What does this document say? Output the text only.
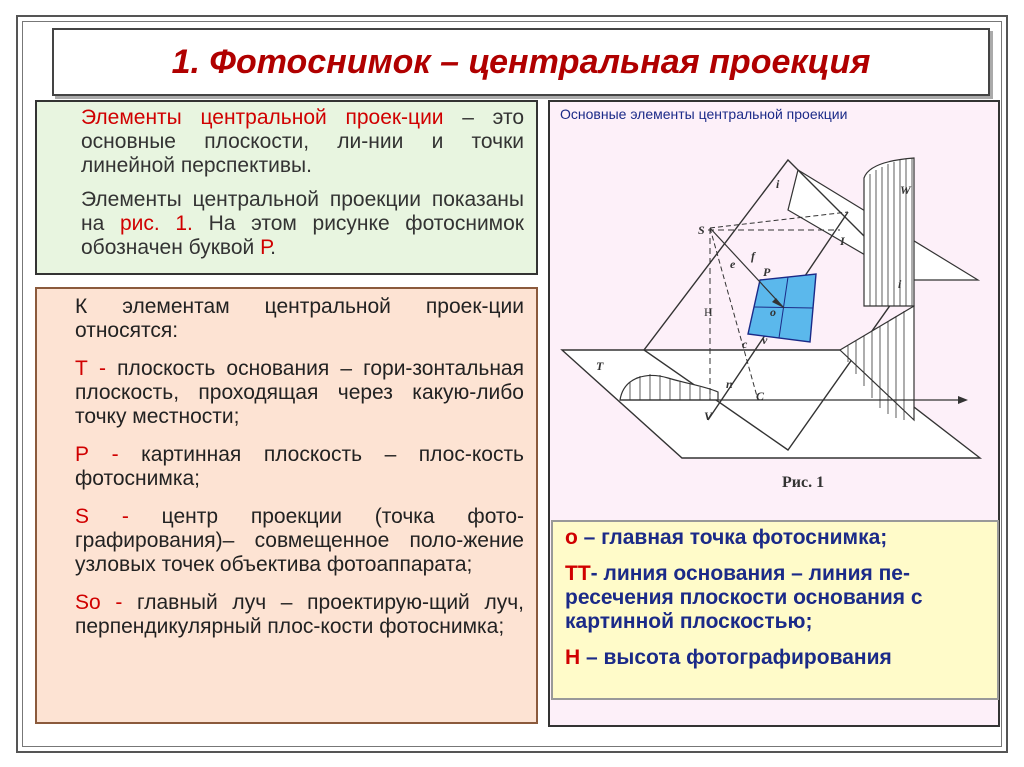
1. Фотоснимок – центральная проекция

Элементы центральной проек-ции – это основные плоскости, ли-нии и точки линейной перспективы.

Элементы центральной проекции показаны на рис. 1. На этом рисунке фотоснимок обозначен буквой Р.

К элементам центральной проек-ции относятся:

Т - плоскость основания – гори-зонтальная плоскость, проходящая через какую-либо точку местности;

Р - картинная плоскость – плос-кость фотоснимка;

S - центр проекции (точка фото-графирования)– совмещенное поло-жение узловых точек объектива фотоаппарата;

So - главный луч – проектирую-щий луч, перпендикулярный плос-кости фотоснимка;

Основные элементы центральной проекции
S
H
T
P
W
I
i
i
f
e
o
c v
n
C
V
Рис. 1

о – главная точка фотоснимка;

ТТ- линия основания – линия пе-ресечения плоскости основания с картинной плоскостью;

Н – высота фотографирования
